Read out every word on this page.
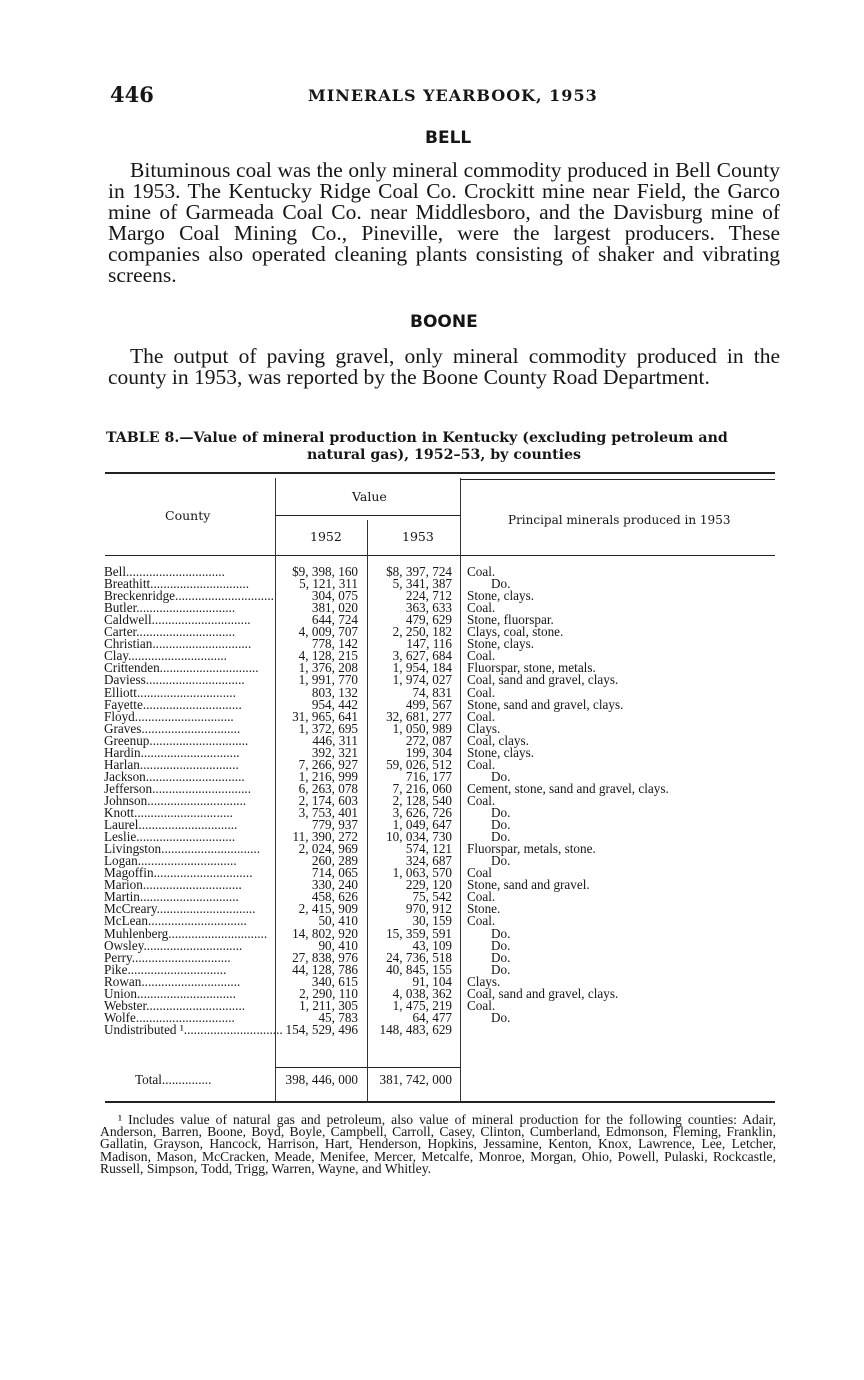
446	MINERALS YEARBOOK, 1953
BELL
Bituminous coal was the only mineral commodity produced in Bell County in 1953. The Kentucky Ridge Coal Co. Crockitt mine near Field, the Garco mine of Garmeada Coal Co. near Middlesboro, and the Davisburg mine of Margo Coal Mining Co., Pineville, were the largest producers. These companies also operated cleaning plants consisting of shaker and vibrating screens.
BOONE
The output of paving gravel, only mineral commodity produced in the county in 1953, was reported by the Boone County Road Department.
TABLE 8.—Value of mineral production in Kentucky (excluding petroleum and
natural gas), 1952–53, by counties
County
Value
1952	1953
Principal minerals produced in 1953
Bell..............................	$9, 398, 160	$8, 397, 724 Coal.
Breathitt..............................	5, 121, 311	5, 341, 387	Do.
Breckenridge..............................	304, 075	224, 712 Stone, clays.
Butler..............................	381, 020	363, 633 Coal.
Caldwell..............................	644, 724	479, 629 Stone, fluorspar.
Carter..............................	4, 009, 707	2, 250, 182 Clays, coal, stone.
Christian..............................	778, 142	147, 116 Stone, clays.
Clay..............................	4, 128, 215	3, 627, 684 Coal.
Crittenden..............................	1, 376, 208	1, 954, 184 Fluorspar, stone, metals.
Daviess..............................	1, 991, 770	1, 974, 027 Coal, sand and gravel, clays.
Elliott..............................	803, 132	74, 831 Coal.
Fayette..............................	954, 442	499, 567 Stone, sand and gravel, clays.
Floyd..............................	31, 965, 641	32, 681, 277 Coal.
Graves..............................	1, 372, 695	1, 050, 989 Clays.
Greenup..............................	446, 311	272, 087 Coal, clays.
Hardin..............................	392, 321	199, 304 Stone, clays.
Harlan..............................	7, 266, 927	59, 026, 512 Coal.
Jackson..............................	1, 216, 999	716, 177	Do.
Jefferson..............................	6, 263, 078	7, 216, 060 Cement, stone, sand and gravel, clays.
Johnson..............................	2, 174, 603	2, 128, 540 Coal.
Knott..............................	3, 753, 401	3, 626, 726	Do.
Laurel..............................	779, 937	1, 049, 647	Do.
Leslie..............................	11, 390, 272	10, 034, 730	Do.
Livingston..............................	2, 024, 969	574, 121 Fluorspar, metals, stone.
Logan..............................	260, 289	324, 687	Do.
Magoffin..............................	714, 065	1, 063, 570 Coal
Marion..............................	330, 240	229, 120 Stone, sand and gravel.
Martin..............................	458, 626	75, 542 Coal.
McCreary..............................	2, 415, 909	970, 912 Stone.
McLean..............................	50, 410	30, 159 Coal.
Muhlenberg..............................	14, 802, 920	15, 359, 591	Do.
Owsley..............................	90, 410	43, 109	Do.
Perry..............................	27, 838, 976	24, 736, 518	Do.
Pike..............................	44, 128, 786	40, 845, 155	Do.
Rowan..............................	340, 615	91, 104 Clays.
Union..............................	2, 290, 110	4, 038, 362 Coal, sand and gravel, clays.
Webster..............................	1, 211, 305	1, 475, 219 Coal.
Wolfe..............................	45, 783	64, 477	Do.
Undistributed ¹.............................. 154, 529, 496	148, 483, 629
Total...............	398, 446, 000	381, 742, 000
¹ Includes value of natural gas and petroleum, also value of mineral production for the following counties: Adair, Anderson, Barren, Boone, Boyd, Boyle, Campbell, Carroll, Casey, Clinton, Cumberland, Edmonson, Fleming, Franklin, Gallatin, Grayson, Hancock, Harrison, Hart, Henderson, Hopkins, Jessamine, Kenton, Knox, Lawrence, Lee, Letcher, Madison, Mason, McCracken, Meade, Menifee, Mercer, Metcalfe, Monroe, Morgan, Ohio, Powell, Pulaski, Rockcastle, Russell, Simpson, Todd, Trigg, Warren, Wayne, and Whitley.
